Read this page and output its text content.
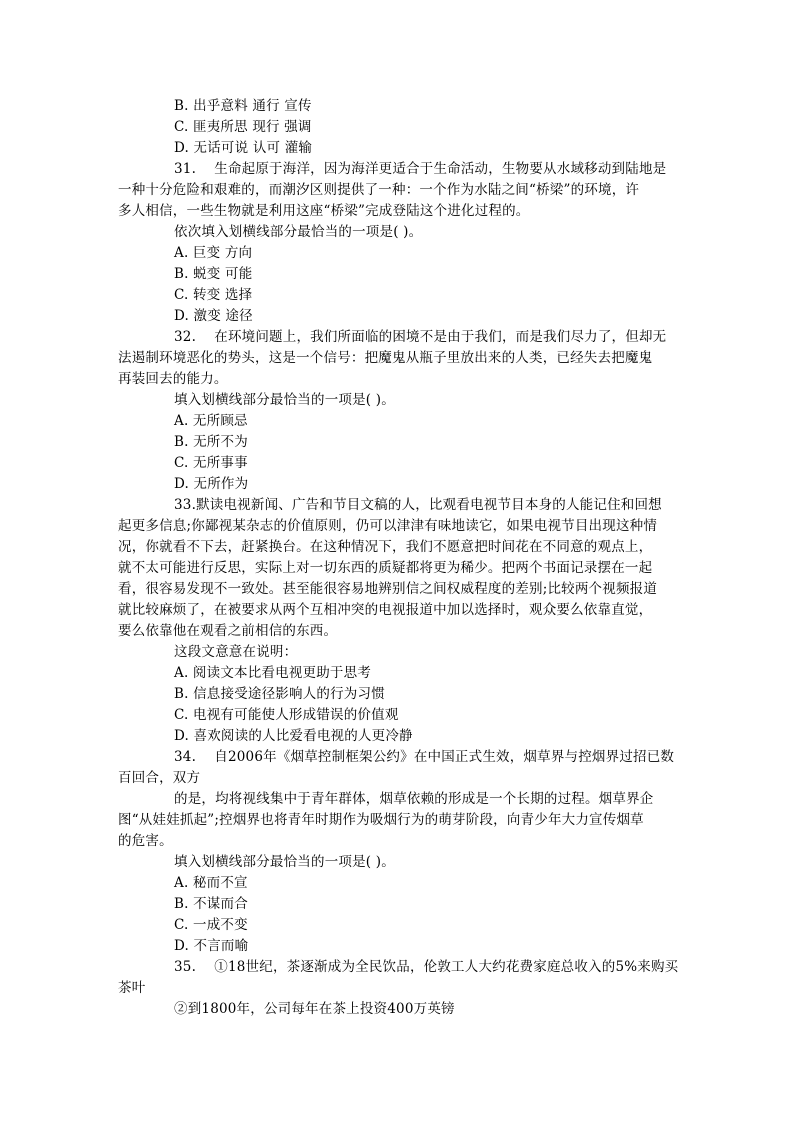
B. 出乎意料 通行 宣传
C. 匪夷所思 现行 强调
D. 无话可说 认可 灌输
31.　 生命起原于海洋，因为海洋更适合于生命活动，生物要从水域移动到陆地是
一种十分危险和艰难的，而潮汐区则提供了一种：一个作为水陆之间“桥梁”的环境，许
多人相信，一些生物就是利用这座“桥梁”完成登陆这个进化过程的。
依次填入划横线部分最恰当的一项是( )。
A. 巨变 方向
B. 蜕变 可能
C. 转变 选择
D. 激变 途径
32.　 在环境问题上，我们所面临的困境不是由于我们，而是我们尽力了，但却无
法遏制环境恶化的势头，这是一个信号：把魔鬼从瓶子里放出来的人类，已经失去把魔鬼
再装回去的能力。
填入划横线部分最恰当的一项是( )。
A. 无所顾忌
B. 无所不为
C. 无所事事
D. 无所作为
33.默读电视新闻、广告和节目文稿的人，比观看电视节目本身的人能记住和回想
起更多信息;你鄙视某杂志的价值原则，仍可以津津有味地读它，如果电视节目出现这种情
况，你就看不下去，赶紧换台。在这种情况下，我们不愿意把时间花在不同意的观点上，
就不太可能进行反思，实际上对一切东西的质疑都将更为稀少。把两个书面记录摆在一起
看，很容易发现不一致处。甚至能很容易地辨别信之间权威程度的差别;比较两个视频报道
就比较麻烦了，在被要求从两个互相冲突的电视报道中加以选择时，观众要么依靠直觉，
要么依靠他在观看之前相信的东西。
这段文意意在说明：
A. 阅读文本比看电视更助于思考
B. 信息接受途径影响人的行为习惯
C. 电视有可能使人形成错误的价值观
D. 喜欢阅读的人比爱看电视的人更冷静
34.　 自2006年《烟草控制框架公约》在中国正式生效，烟草界与控烟界过招已数
百回合，双方
的是，均将视线集中于青年群体，烟草依赖的形成是一个长期的过程。烟草界企
图“从娃娃抓起”;控烟界也将青年时期作为吸烟行为的萌芽阶段，向青少年大力宣传烟草
的危害。
填入划横线部分最恰当的一项是( )。
A. 秘而不宣
B. 不谋而合
C. 一成不变
D. 不言而喻
35.　 ①18世纪，茶逐渐成为全民饮品，伦敦工人大约花费家庭总收入的5%来购买
茶叶
②到1800年，公司每年在茶上投资400万英镑
